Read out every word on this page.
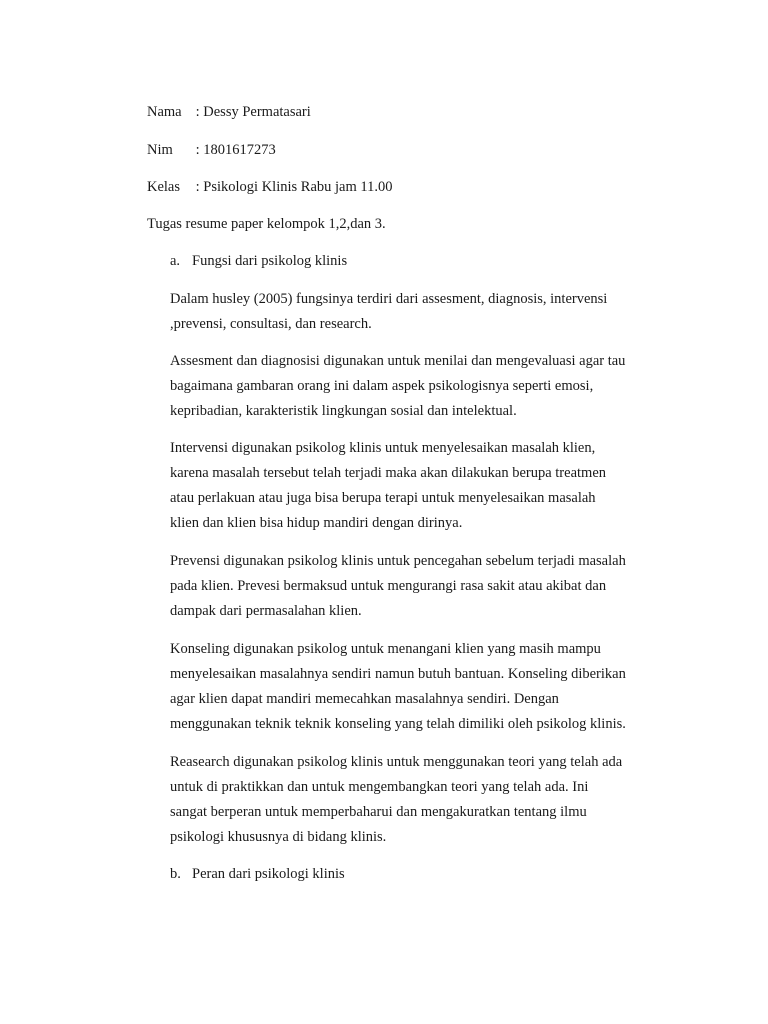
Nama : Dessy Permatasari
Nim : 1801617273
Kelas : Psikologi Klinis Rabu jam 11.00
Tugas resume paper kelompok 1,2,dan 3.
a. Fungsi dari psikolog klinis
Dalam husley (2005) fungsinya terdiri dari assesment, diagnosis, intervensi
,prevensi, consultasi, dan research.
Assesment dan diagnosisi digunakan untuk menilai dan mengevaluasi agar tau
bagaimana gambaran orang ini dalam aspek psikologisnya seperti emosi,
kepribadian, karakteristik lingkungan sosial dan intelektual.
Intervensi digunakan psikolog klinis untuk menyelesaikan masalah klien,
karena masalah tersebut telah terjadi maka akan dilakukan berupa treatmen
atau perlakuan atau juga bisa berupa terapi untuk menyelesaikan masalah
klien dan klien bisa hidup mandiri dengan dirinya.
Prevensi digunakan psikolog klinis untuk pencegahan sebelum terjadi masalah
pada klien. Prevesi bermaksud untuk mengurangi rasa sakit atau akibat dan
dampak dari permasalahan klien.
Konseling digunakan psikolog untuk menangani klien yang masih mampu
menyelesaikan masalahnya sendiri namun butuh bantuan. Konseling diberikan
agar klien dapat mandiri memecahkan masalahnya sendiri. Dengan
menggunakan teknik teknik konseling yang telah dimiliki oleh psikolog klinis.
Reasearch digunakan psikolog klinis untuk menggunakan teori yang telah ada
untuk di praktikkan dan untuk mengembangkan teori yang telah ada. Ini
sangat berperan untuk memperbaharui dan mengakuratkan tentang ilmu
psikologi khususnya di bidang klinis.
b. Peran dari psikologi klinis
